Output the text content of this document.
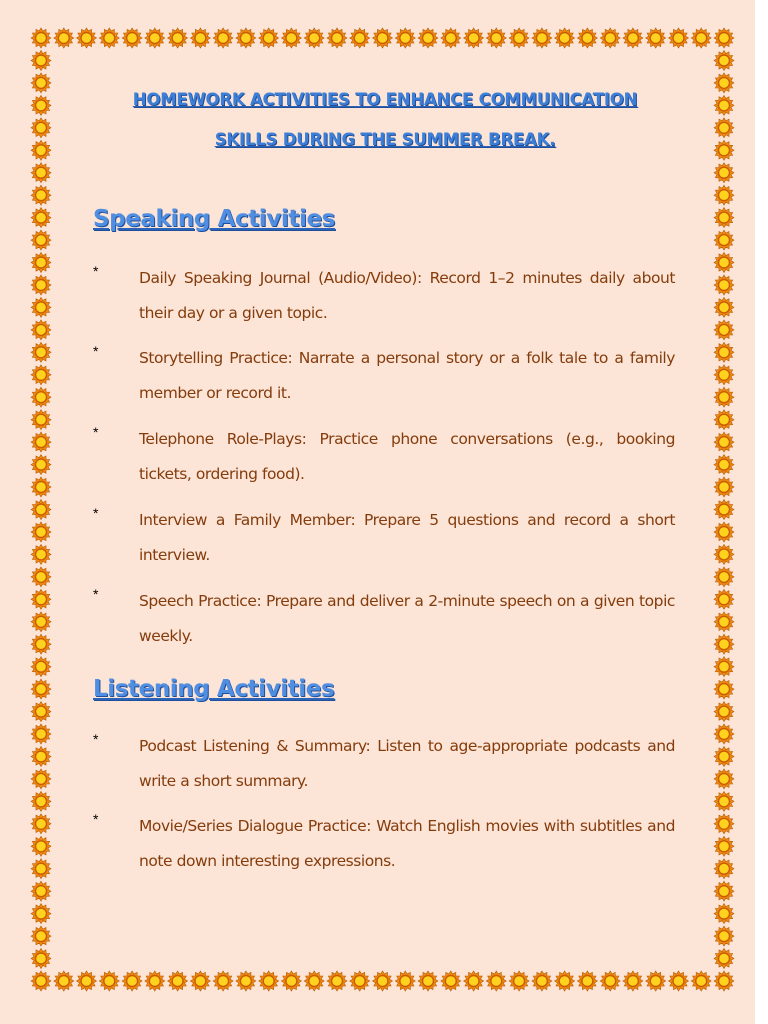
HOMEWORK ACTIVITIES TO ENHANCE COMMUNICATION
SKILLS DURING THE SUMMER BREAK.
Speaking Activities
*	Daily Speaking Journal (Audio/Video): Record 1–2 minutes daily about their day or a given topic.
*	Storytelling Practice: Narrate a personal story or a folk tale to a family member or record it.
*	Telephone Role-Plays: Practice phone conversations (e.g., booking tickets, ordering food).
*	Interview a Family Member: Prepare 5 questions and record a short interview.
*	Speech Practice: Prepare and deliver a 2-minute speech on a given topic weekly.
Listening Activities
*	Podcast Listening & Summary: Listen to age-appropriate podcasts and write a short summary.
*	Movie/Series Dialogue Practice: Watch English movies with subtitles and note down interesting expressions.
